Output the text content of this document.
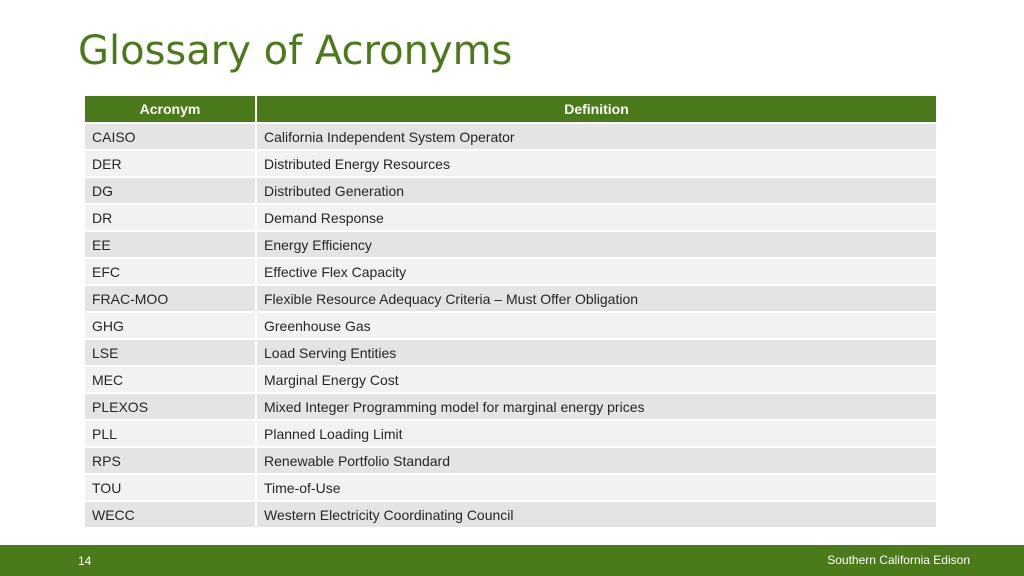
Glossary of Acronyms
Acronym	Definition
CAISO	California Independent System Operator
DER	Distributed Energy Resources
DG	Distributed Generation
DR	Demand Response
EE	Energy Efficiency
EFC	Effective Flex Capacity
FRAC-MOO	Flexible Resource Adequacy Criteria – Must Offer Obligation
GHG	Greenhouse Gas
LSE	Load Serving Entities
MEC	Marginal Energy Cost
PLEXOS	Mixed Integer Programming model for marginal energy prices
PLL	Planned Loading Limit
RPS	Renewable Portfolio Standard
TOU	Time-of-Use
WECC	Western Electricity Coordinating Council
14	Southern California Edison
